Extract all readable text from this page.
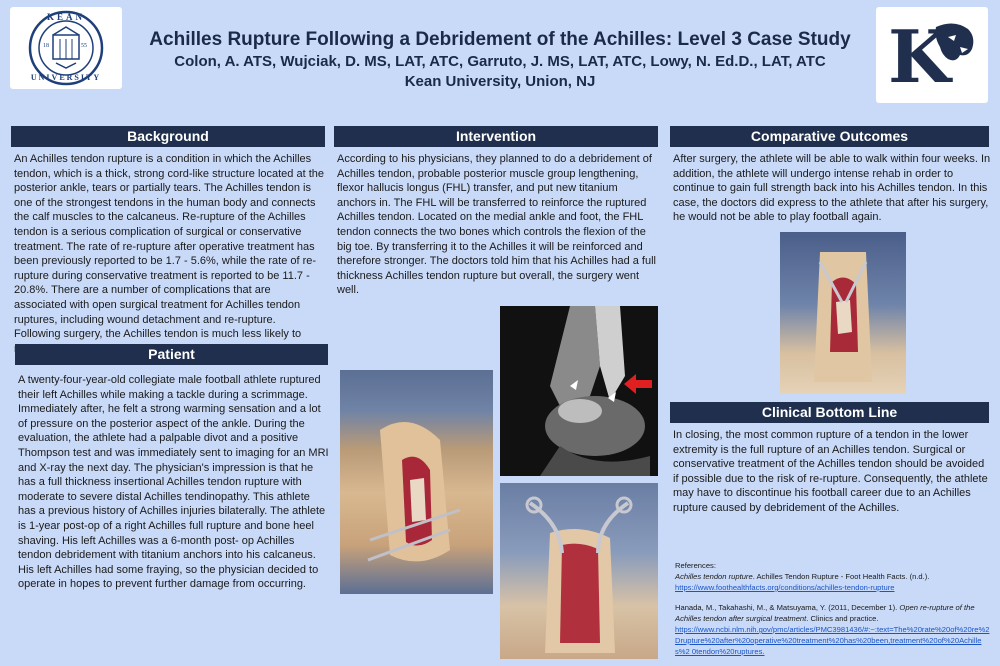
KEAN
UNIVERSITY
18	55	K
Achilles Rupture Following a Debridement of the Achilles: Level 3 Case Study
Colon, A. ATS, Wujciak, D. MS, LAT, ATC, Garruto, J. MS, LAT, ATC, Lowy, N. Ed.D., LAT, ATC
Kean University, Union, NJ
Background
An Achilles tendon rupture is a condition in which the Achilles tendon, which is a thick, strong cord-like structure located at the posterior ankle, tears or partially tears. The Achilles tendon is one of the strongest tendons in the human body and connects the calf muscles to the calcaneus. Re-rupture of the Achilles tendon is a serious complication of surgical or conservative treatment. The rate of re-rupture after operative treatment has been previously reported to be 1.7 - 5.6%, while the rate of re-rupture during conservative treatment is reported to be 11.7 - 20.8%. There are a number of complications that are associated with open surgical treatment for Achilles tendon ruptures, including wound detachment and re-rupture. Following surgery, the Achilles tendon is much less likely to
Patient
A twenty-four-year-old collegiate male football athlete ruptured their left Achilles while making a tackle during a scrimmage. Immediately after, he felt a strong warming sensation and a lot of pressure on the posterior aspect of the ankle. During the evaluation, the athlete had a palpable divot and a positive Thompson test and was immediately sent to imaging for an MRI and X-ray the next day. The physician's impression is that he has a full thickness insertional Achilles tendon rupture with moderate to severe distal Achilles tendinopathy. This athlete has a previous history of Achilles injuries bilaterally. The athlete is 1-year post-op of a right Achilles full rupture and bone heel shaving. His left Achilles was a 6-month post- op Achilles tendon debridement with titanium anchors into his calcaneus. His left Achilles had some fraying, so the physician decided to operate in hopes to prevent further damage from occurring.
Intervention
According to his physicians, they planned to do a debridement of Achilles tendon, probable posterior muscle group lengthening, flexor hallucis longus (FHL) transfer, and put new titanium anchors in. The FHL will be transferred to reinforce the ruptured Achilles tendon. Located on the medial ankle and foot, the FHL tendon connects the two bones which controls the flexion of the big toe. By transferring it to the Achilles it will be reinforced and therefore stronger. The doctors told him that his Achilles had a full thickness Achilles tendon rupture but overall, the surgery went well.
Comparative Outcomes
After surgery, the athlete will be able to walk within four weeks. In addition, the athlete will undergo intense rehab in order to continue to gain full strength back into his Achilles tendon. In this case, the doctors did express to the athlete that after his surgery, he would not be able to play football again.
Clinical Bottom Line
In closing, the most common rupture of a tendon in the lower extremity is the full rupture of an Achilles tendon. Surgical or conservative treatment of the Achilles tendon should be avoided if possible due to the risk of re-rupture. Consequently, the athlete may have to discontinue his football career due to an Achilles rupture caused by debridement of the Achilles.
References:
Achilles tendon rupture. Achilles Tendon Rupture - Foot Health Facts. (n.d.).
https://www.foothealthfacts.org/conditions/achilles-tendon-rupture
Hanada, M., Takahashi, M., & Matsuyama, Y. (2011, December 1). Open re-rupture of the Achilles tendon after surgical treatment. Clinics and practice.
https://www.ncbi.nlm.nih.gov/pmc/articles/PMC3981436/#:~:text=The%20rate%20of%20re%2Drupture%20after%20operative%20treatment%20has%20been,treatment%20of%20Achilles%2 0tendon%20ruptures.
